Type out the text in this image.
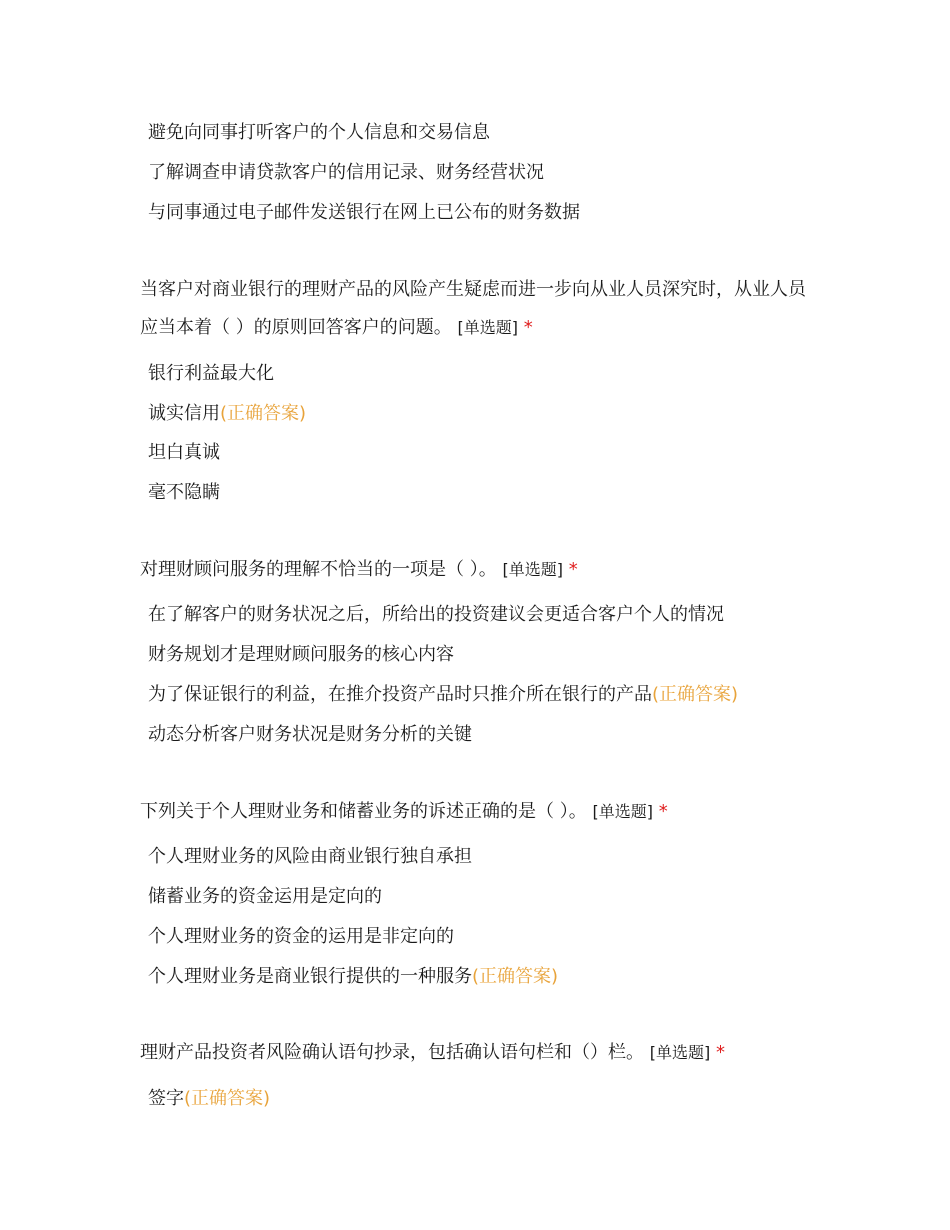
避免向同事打听客户的个人信息和交易信息
了解调查申请贷款客户的信用记录、财务经营状况
与同事通过电子邮件发送银行在网上已公布的财务数据
当客户对商业银行的理财产品的风险产生疑虑而进一步向从业人员深究时，从业人员应当本着（ ）的原则回答客户的问题。 [单选题] *
银行利益最大化
诚实信用(正确答案)
坦白真诚
毫不隐瞒
对理财顾问服务的理解不恰当的一项是（ ）。 [单选题] *
在了解客户的财务状况之后，所给出的投资建议会更适合客户个人的情况
财务规划才是理财顾问服务的核心内容
为了保证银行的利益，在推介投资产品时只推介所在银行的产品(正确答案)
动态分析客户财务状况是财务分析的关键
下列关于个人理财业务和储蓄业务的诉述正确的是（ ）。 [单选题] *
个人理财业务的风险由商业银行独自承担
储蓄业务的资金运用是定向的
个人理财业务的资金的运用是非定向的
个人理财业务是商业银行提供的一种服务(正确答案)
理财产品投资者风险确认语句抄录，包括确认语句栏和（）栏。 [单选题] *
签字(正确答案)
